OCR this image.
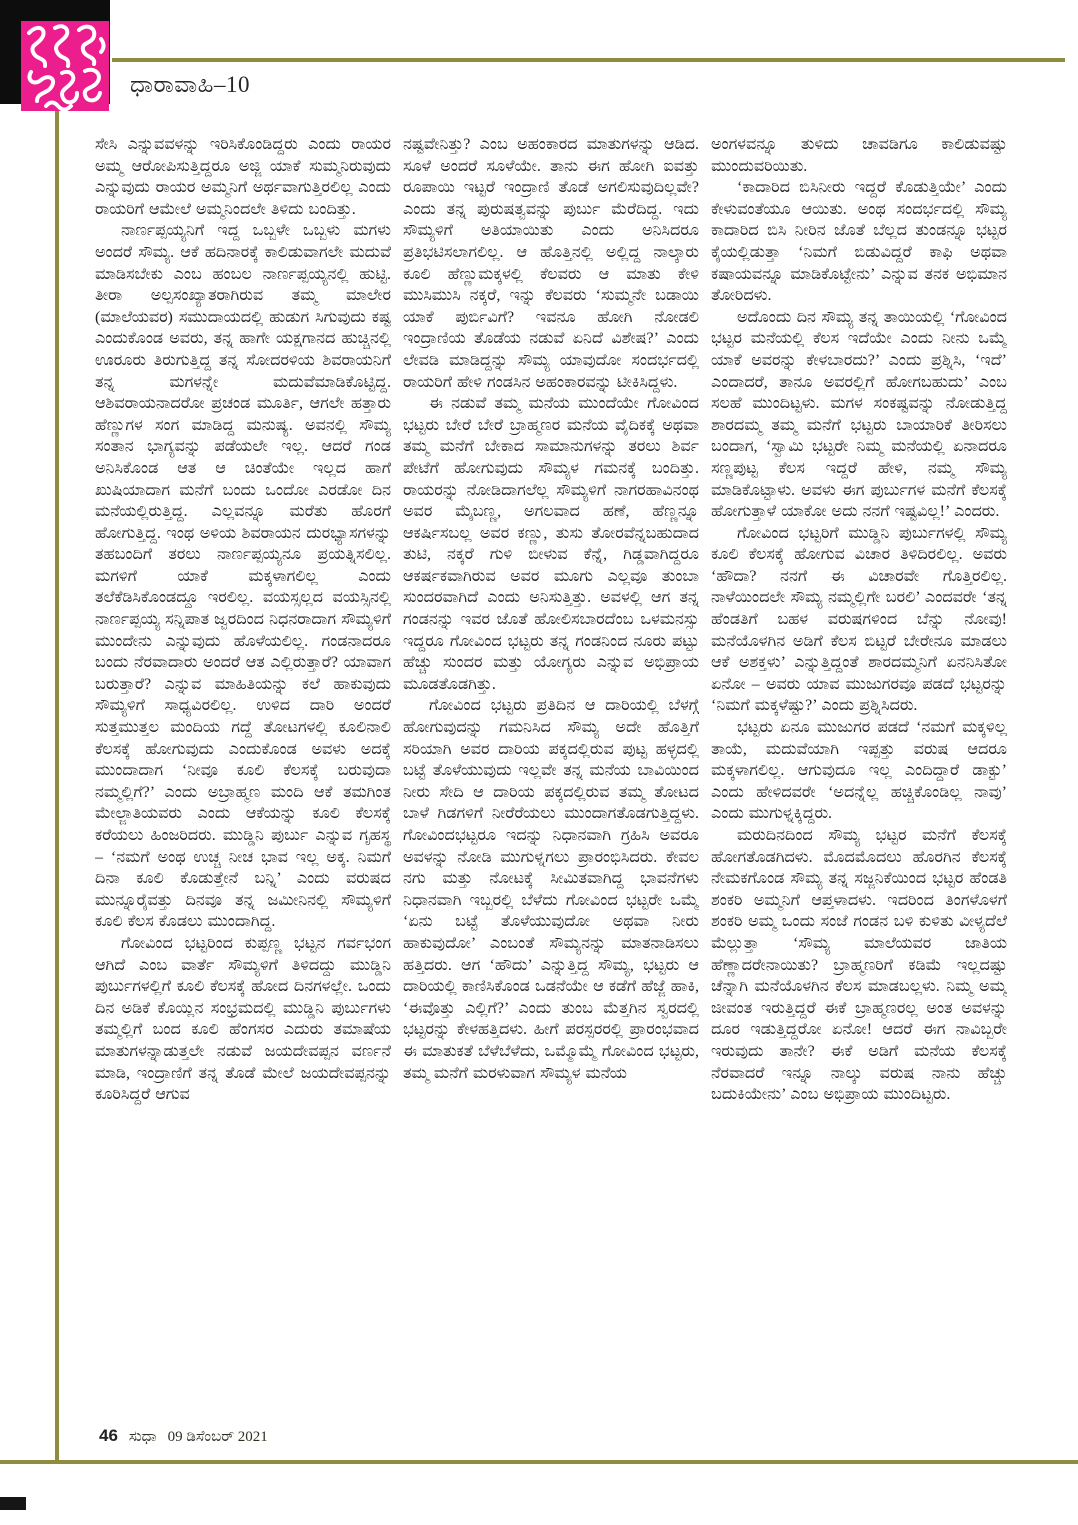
ಧಾರಾವಾಹಿ–10

ಸೇಸಿ ಎನ್ನುವವಳನ್ನು ಇರಿಸಿಕೊಂಡಿದ್ದರು ಎಂದು ರಾಯರ ಅಮ್ಮ ಆರೋಪಿಸುತ್ತಿದ್ದರೂ ಅಜ್ಜಿ ಯಾಕೆ ಸುಮ್ಮನಿರುವುದು ಎನ್ನುವುದು ರಾಯರ ಅಮ್ಮನಿಗೆ ಅರ್ಥವಾಗುತ್ತಿರಲಿಲ್ಲ ಎಂದು ರಾಯರಿಗೆ ಆಮೇಲೆ ಅಮ್ಮನಿಂದಲೇ ತಿಳಿದು ಬಂದಿತ್ತು.

ನಾರ್ಣಪ್ಪಯ್ಯನಿಗೆ ಇದ್ದ ಒಬ್ಬಳೇ ಒಬ್ಬಳು ಮಗಳು ಅಂದರೆ ಸೌಮ್ಯ. ಆಕೆ ಹದಿನಾರಕ್ಕೆ ಕಾಲಿಡುವಾಗಲೇ ಮದುವೆ ಮಾಡಿಸಬೇಕು ಎಂಬ ಹಂಬಲ ನಾರ್ಣಪ್ಪಯ್ಯನಲ್ಲಿ ಹುಟ್ಟಿ. ತೀರಾ ಅಲ್ಪಸಂಖ್ಯಾತರಾಗಿರುವ ತಮ್ಮ ಮಾಲೇರ (ಮಾಲೆಯವರ) ಸಮುದಾಯದಲ್ಲಿ ಹುಡುಗ ಸಿಗುವುದು ಕಷ್ಟ ಎಂದುಕೊಂಡ ಅವರು, ತನ್ನ ಹಾಗೇ ಯಕ್ಷಗಾನದ ಹುಚ್ಚಿನಲ್ಲಿ ಊರೂರು ತಿರುಗುತ್ತಿದ್ದ ತನ್ನ ಸೋದರಳಿಯ ಶಿವರಾಯನಿಗೆ ತನ್ನ ಮಗಳನ್ನೇ ಮದುವೆಮಾಡಿಕೊಟ್ಟಿದ್ದ. ಆಶಿವರಾಯನಾದರೋ ಪ್ರಚಂಡ ಮೂರ್ತಿ, ಆಗಲೇ ಹತ್ತಾರು ಹೆಣ್ಣುಗಳ ಸಂಗ ಮಾಡಿದ್ದ ಮನುಷ್ಯ. ಅವನಲ್ಲಿ ಸೌಮ್ಯ ಸಂತಾನ ಭಾಗ್ಯವನ್ನು ಪಡೆಯಲೇ ಇಲ್ಲ. ಆದರೆ ಗಂಡ ಅನಿಸಿಕೊಂಡ ಆತ ಆ ಚಿಂತೆಯೇ ಇಲ್ಲದ ಹಾಗೆ ಖುಷಿಯಾದಾಗ ಮನೆಗೆ ಬಂದು ಒಂದೋ ಎರಡೋ ದಿನ ಮನೆಯಲ್ಲಿರುತ್ತಿದ್ದ. ಎಲ್ಲವನ್ನೂ ಮರೆತು ಹೊರಗೆ ಹೋಗುತ್ತಿದ್ದ. ಇಂಥ ಅಳಿಯ ಶಿವರಾಯನ ದುರಭ್ಯಾಸಗಳನ್ನು ತಹಬಂದಿಗೆ ತರಲು ನಾರ್ಣಪ್ಪಯ್ಯನೂ ಪ್ರಯತ್ನಿಸಲಿಲ್ಲ. ಮಗಳಿಗೆ ಯಾಕೆ ಮಕ್ಕಳಾಗಲಿಲ್ಲ ಎಂದು ತಲೆಕೆಡಿಸಿಕೊಂಡದ್ದೂ ಇರಲಿಲ್ಲ. ವಯಸ್ಸಲ್ಲದ ವಯಸ್ಸಿನಲ್ಲಿ ನಾರ್ಣಪ್ಪಯ್ಯ ಸನ್ನಿಪಾತ ಜ್ವರದಿಂದ ನಿಧನರಾದಾಗ ಸೌಮ್ಯಳಿಗೆ ಮುಂದೇನು ಎನ್ನುವುದು ಹೊಳೆಯಲಿಲ್ಲ. ಗಂಡನಾದರೂ ಬಂದು ನೆರವಾದಾರು ಅಂದರೆ ಆತ ಎಲ್ಲಿರುತ್ತಾರೆ? ಯಾವಾಗ ಬರುತ್ತಾರೆ? ಎನ್ನುವ ಮಾಹಿತಿಯನ್ನು ಕಲೆ ಹಾಕುವುದು ಸೌಮ್ಯಳಿಗೆ ಸಾಧ್ಯವಿರಲಿಲ್ಲ. ಉಳಿದ ದಾರಿ ಅಂದರೆ ಸುತ್ತಮುತ್ತಲ ಮಂದಿಯ ಗದ್ದೆ ತೋಟಗಳಲ್ಲಿ ಕೂಲಿನಾಲಿ ಕೆಲಸಕ್ಕೆ ಹೋಗುವುದು ಎಂದುಕೊಂಡ ಅವಳು ಅದಕ್ಕೆ ಮುಂದಾದಾಗ ‘ನೀವೂ ಕೂಲಿ ಕೆಲಸಕ್ಕೆ ಬರುವುದಾ ನಮ್ಮಲ್ಲಿಗೆ?’ ಎಂದು ಅಬ್ರಾಹ್ಮಣ ಮಂದಿ ಆಕೆ ತಮಗಿಂತ ಮೇಲ್ಜಾತಿಯವರು ಎಂದು ಆಕೆಯನ್ನು ಕೂಲಿ ಕೆಲಸಕ್ಕೆ ಕರೆಯಲು ಹಿಂಜರಿದರು. ಮುಡ್ಡಿನಿ ಪುರ್ಬು ಎನ್ನುವ ಗೃಹಸ್ಥ – ‘ನಮಗೆ ಅಂಥ ಉಚ್ಚ ನೀಚ ಭಾವ ಇಲ್ಲ ಅಕ್ಕ. ನಿಮಗೆ ದಿನಾ ಕೂಲಿ ಕೊಡುತ್ತೇನೆ ಬನ್ನಿ’ ಎಂದು ವರುಷದ ಮುನ್ನೂರೈವತ್ತು ದಿನವೂ ತನ್ನ ಜಮೀನಿನಲ್ಲಿ ಸೌಮ್ಯಳಿಗೆ ಕೂಲಿ ಕೆಲಸ ಕೊಡಲು ಮುಂದಾಗಿದ್ದ.

ಗೋವಿಂದ ಭಟ್ಟರಿಂದ ಕುಪ್ಪಣ್ಣ ಭಟ್ಟನ ಗರ್ವಭಂಗ ಆಗಿದೆ ಎಂಬ ವಾರ್ತೆ ಸೌಮ್ಯಳಿಗೆ ತಿಳಿದದ್ದು ಮುಡ್ಡಿನಿ ಪುರ್ಬುಗಳಲ್ಲಿಗೆ ಕೂಲಿ ಕೆಲಸಕ್ಕೆ ಹೋದ ದಿನಗಳಲ್ಲೇ. ಒಂದು ದಿನ ಅಡಿಕೆ ಕೊಯ್ಲಿನ ಸಂಭ್ರಮದಲ್ಲಿ ಮುಡ್ಡಿನಿ ಪುರ್ಬುಗಳು ತಮ್ಮಲ್ಲಿಗೆ ಬಂದ ಕೂಲಿ ಹೆಂಗಸರ ಎದುರು ತಮಾಷೆಯ ಮಾತುಗಳನ್ನಾಡುತ್ತಲೇ ನಡುವೆ ಜಯದೇವಪ್ಪನ ವರ್ಣನೆ ಮಾಡಿ, ಇಂದ್ರಾಣಿಗೆ ತನ್ನ ತೊಡೆ ಮೇಲೆ ಜಯದೇವಪ್ಪನನ್ನು ಕೂರಿಸಿದ್ದರೆ ಆಗುವ

ನಷ್ಟವೇನಿತ್ತು? ಎಂಬ ಅಹಂಕಾರದ ಮಾತುಗಳನ್ನು ಆಡಿದ. ಸೂಳೆ ಅಂದರೆ ಸೂಳೆಯೇ. ತಾನು ಈಗ ಹೋಗಿ ಐವತ್ತು ರೂಪಾಯಿ ಇಟ್ಟರೆ ಇಂದ್ರಾಣಿ ತೊಡೆ ಅಗಲಿಸುವುದಿಲ್ಲವೇ? ಎಂದು ತನ್ನ ಪುರುಷತ್ವವನ್ನು ಪುರ್ಬು ಮೆರೆದಿದ್ದ. ಇದು ಸೌಮ್ಯಳಿಗೆ ಅತಿಯಾಯಿತು ಎಂದು ಅನಿಸಿದರೂ ಪ್ರತಿಭಟಿಸಲಾಗಲಿಲ್ಲ. ಆ ಹೊತ್ತಿನಲ್ಲಿ ಅಲ್ಲಿದ್ದ ನಾಲ್ಕಾರು ಕೂಲಿ ಹೆಣ್ಣುಮಕ್ಕಳಲ್ಲಿ ಕೆಲವರು ಆ ಮಾತು ಕೇಳಿ ಮುಸಿಮುಸಿ ನಕ್ಕರೆ, ಇನ್ನು ಕೆಲವರು ‘ಸುಮ್ಮನೇ ಬಡಾಯಿ ಯಾಕೆ ಪುರ್ಬಿವಿಗೆ? ಇವನೂ ಹೋಗಿ ನೋಡಲಿ ಇಂದ್ರಾಣಿಯ ತೊಡೆಯ ನಡುವೆ ಏನಿದೆ ವಿಶೇಷ?’ ಎಂದು ಲೇವಡಿ ಮಾಡಿದ್ದನ್ನು ಸೌಮ್ಯ ಯಾವುದೋ ಸಂದರ್ಭದಲ್ಲಿ ರಾಯರಿಗೆ ಹೇಳಿ ಗಂಡಸಿನ ಅಹಂಕಾರವನ್ನು ಟೀಕಿಸಿದ್ದಳು.

ಈ ನಡುವೆ ತಮ್ಮ ಮನೆಯ ಮುಂದೆಯೇ ಗೋವಿಂದ ಭಟ್ಟರು ಬೇರೆ ಬೇರೆ ಬ್ರಾಹ್ಮಣರ ಮನೆಯ ವೈದಿಕಕ್ಕೆ ಅಥವಾ ತಮ್ಮ ಮನೆಗೆ ಬೇಕಾದ ಸಾಮಾನುಗಳನ್ನು ತರಲು ಶಿರ್ವ ಪೇಟೆಗೆ ಹೋಗುವುದು ಸೌಮ್ಯಳ ಗಮನಕ್ಕೆ ಬಂದಿತ್ತು. ರಾಯರನ್ನು ನೋಡಿದಾಗಲೆಲ್ಲ ಸೌಮ್ಯಳಿಗೆ ನಾಗರಹಾವಿನಂಥ ಅವರ ಮೈಬಣ್ಣ, ಅಗಲವಾದ ಹಣೆ, ಹೆಣ್ಣನ್ನೂ ಆಕರ್ಷಿಸಬಲ್ಲ ಅವರ ಕಣ್ಣು, ತುಸು ತೋರವೆನ್ನಬಹುದಾದ ತುಟಿ, ನಕ್ಕರೆ ಗುಳಿ ಬೀಳುವ ಕೆನ್ನೆ, ಗಿಡ್ಡವಾಗಿದ್ದರೂ ಆಕರ್ಷಕವಾಗಿರುವ ಅವರ ಮೂಗು ಎಲ್ಲವೂ ತುಂಬಾ ಸುಂದರವಾಗಿದೆ ಎಂದು ಅನಿಸುತ್ತಿತ್ತು. ಅವಳಲ್ಲಿ ಆಗ ತನ್ನ ಗಂಡನನ್ನು ಇವರ ಜೊತೆ ಹೋಲಿಸಬಾರದೆಂಬ ಒಳಮನಸ್ಸು ಇದ್ದರೂ ಗೋವಿಂದ ಭಟ್ಟರು ತನ್ನ ಗಂಡನಿಂದ ನೂರು ಪಟ್ಟು ಹೆಚ್ಚು ಸುಂದರ ಮತ್ತು ಯೋಗ್ಯರು ಎನ್ನುವ ಅಭಿಪ್ರಾಯ ಮೂಡತೊಡಗಿತ್ತು.

ಗೋವಿಂದ ಭಟ್ಟರು ಪ್ರತಿದಿನ ಆ ದಾರಿಯಲ್ಲಿ ಬೆಳಗ್ಗೆ ಹೋಗುವುದನ್ನು ಗಮನಿಸಿದ ಸೌಮ್ಯ ಅದೇ ಹೊತ್ತಿಗೆ ಸರಿಯಾಗಿ ಅವರ ದಾರಿಯ ಪಕ್ಕದಲ್ಲಿರುವ ಪುಟ್ಟ ಹಳ್ಳದಲ್ಲಿ ಬಟ್ಟೆ ತೊಳೆಯುವುದು ಇಲ್ಲವೇ ತನ್ನ ಮನೆಯ ಬಾವಿಯಿಂದ ನೀರು ಸೇದಿ ಆ ದಾರಿಯ ಪಕ್ಕದಲ್ಲಿರುವ ತಮ್ಮ ತೋಟದ ಬಾಳೆ ಗಿಡಗಳಿಗೆ ನೀರೆರೆಯಲು ಮುಂದಾಗತೊಡಗುತ್ತಿದ್ದಳು. ಗೋವಿಂದಭಟ್ಟರೂ ಇದನ್ನು ನಿಧಾನವಾಗಿ ಗ್ರಹಿಸಿ ಅವರೂ ಅವಳನ್ನು ನೋಡಿ ಮುಗುಳ್ನಗಲು ಪ್ರಾರಂಭಿಸಿದರು. ಕೇವಲ ನಗು ಮತ್ತು ನೋಟಕ್ಕೆ ಸೀಮಿತವಾಗಿದ್ದ ಭಾವನೆಗಳು ನಿಧಾನವಾಗಿ ಇಬ್ಬರಲ್ಲಿ ಬೆಳೆದು ಗೋವಿಂದ ಭಟ್ಟರೇ ಒಮ್ಮೆ ‘ಏನು ಬಟ್ಟೆ ತೊಳೆಯುವುದೋ ಅಥವಾ ನೀರು ಹಾಕುವುದೋ’ ಎಂಬಂತೆ ಸೌಮ್ಯನನ್ನು ಮಾತನಾಡಿಸಲು ಹತ್ತಿದರು. ಆಗ ‘ಹೌದು’ ಎನ್ನುತ್ತಿದ್ದ ಸೌಮ್ಯ, ಭಟ್ಟರು ಆ ದಾರಿಯಲ್ಲಿ ಕಾಣಿಸಿಕೊಂಡ ಒಡನೆಯೇ ಆ ಕಡೆಗೆ ಹೆಜ್ಜೆ ಹಾಕಿ, ‘ಈವೊತ್ತು ಎಲ್ಲಿಗೆ?’ ಎಂದು ತುಂಬ ಮೆತ್ತಗಿನ ಸ್ವರದಲ್ಲಿ ಭಟ್ಟರನ್ನು ಕೇಳಹತ್ತಿದಳು. ಹೀಗೆ ಪರಸ್ಪರರಲ್ಲಿ ಪ್ರಾರಂಭವಾದ ಈ ಮಾತುಕತೆ ಬೆಳೆಬೆಳೆದು, ಒಮ್ಮೊಮ್ಮೆ ಗೋವಿಂದ ಭಟ್ಟರು, ತಮ್ಮ ಮನೆಗೆ ಮರಳುವಾಗ ಸೌಮ್ಯಳ ಮನೆಯ

ಅಂಗಳವನ್ನೂ ತುಳಿದು ಚಾವಡಿಗೂ ಕಾಲಿಡುವಷ್ಟು ಮುಂದುವರಿಯಿತು.

‘ಕಾದಾರಿದ ಬಿಸಿನೀರು ಇದ್ದರೆ ಕೊಡುತ್ತಿಯೇ’ ಎಂದು ಕೇಳುವಂತೆಯೂ ಆಯಿತು. ಅಂಥ ಸಂದರ್ಭದಲ್ಲಿ ಸೌಮ್ಯ ಕಾದಾರಿದ ಬಿಸಿ ನೀರಿನ ಜೊತೆ ಬೆಲ್ಲದ ತುಂಡನ್ನೂ ಭಟ್ಟರ ಕೈಯಲ್ಲಿಡುತ್ತಾ ‘ನಿಮಗೆ ಬಿಡುವಿದ್ದರೆ ಕಾಫಿ ಅಥವಾ ಕಷಾಯವನ್ನೂ ಮಾಡಿಕೊಟ್ಟೇನು’ ಎನ್ನುವ ತನಕ ಅಭಿಮಾನ ತೋರಿದಳು.

ಅದೊಂದು ದಿನ ಸೌಮ್ಯ ತನ್ನ ತಾಯಿಯಲ್ಲಿ ‘ಗೋವಿಂದ ಭಟ್ಟರ ಮನೆಯಲ್ಲಿ ಕೆಲಸ ಇದೆಯೇ ಎಂದು ನೀನು ಒಮ್ಮೆ ಯಾಕೆ ಅವರನ್ನು ಕೇಳಬಾರದು?’ ಎಂದು ಪ್ರಶ್ನಿಸಿ, ‘ಇದೆ’ ಎಂದಾದರೆ, ತಾನೂ ಅವರಲ್ಲಿಗೆ ಹೋಗಬಹುದು’ ಎಂಬ ಸಲಹೆ ಮುಂದಿಟ್ಟಳು. ಮಗಳ ಸಂಕಷ್ಟವನ್ನು ನೋಡುತ್ತಿದ್ದ ಶಾರದಮ್ಮ ತಮ್ಮ ಮನೆಗೆ ಭಟ್ಟರು ಬಾಯಾರಿಕೆ ತೀರಿಸಲು ಬಂದಾಗ, ‘ಸ್ವಾಮಿ ಭಟ್ಟರೇ ನಿಮ್ಮ ಮನೆಯಲ್ಲಿ ಏನಾದರೂ ಸಣ್ಣಪುಟ್ಟ ಕೆಲಸ ಇದ್ದರೆ ಹೇಳಿ, ನಮ್ಮ ಸೌಮ್ಯ ಮಾಡಿಕೊಟ್ಟಾಳು. ಅವಳು ಈಗ ಪುರ್ಬುಗಳ ಮನೆಗೆ ಕೆಲಸಕ್ಕೆ ಹೋಗುತ್ತಾಳೆ ಯಾಕೋ ಅದು ನನಗೆ ಇಷ್ಟವಿಲ್ಲ!’ ಎಂದರು.

ಗೋವಿಂದ ಭಟ್ಟರಿಗೆ ಮುಡ್ಡಿನಿ ಪುರ್ಬುಗಳಲ್ಲಿ ಸೌಮ್ಯ ಕೂಲಿ ಕೆಲಸಕ್ಕೆ ಹೋಗುವ ವಿಚಾರ ತಿಳಿದಿರಲಿಲ್ಲ. ಅವರು ‘ಹೌದಾ? ನನಗೆ ಈ ವಿಚಾರವೇ ಗೊತ್ತಿರಲಿಲ್ಲ. ನಾಳೆಯಿಂದಲೇ ಸೌಮ್ಯ ನಮ್ಮಲ್ಲಿಗೇ ಬರಲಿ’ ಎಂದವರೇ ‘ತನ್ನ ಹೆಂಡತಿಗೆ ಬಹಳ ವರುಷಗಳಿಂದ ಬೆನ್ನು ನೋವು! ಮನೆಯೊಳಗಿನ ಅಡಿಗೆ ಕೆಲಸ ಬಿಟ್ಟರೆ ಬೇರೇನೂ ಮಾಡಲು ಆಕೆ ಅಶಕ್ತಳು’ ಎನ್ನುತ್ತಿದ್ದಂತೆ ಶಾರದಮ್ಮನಿಗೆ ಏನನಿಸಿತೋ ಏನೋ – ಅವರು ಯಾವ ಮುಜುಗರವೂ ಪಡದೆ ಭಟ್ಟರನ್ನು ‘ನಿಮಗೆ ಮಕ್ಕಳೆಷ್ಟು?’ ಎಂದು ಪ್ರಶ್ನಿಸಿದರು.

ಭಟ್ಟರು ಏನೂ ಮುಜುಗರ ಪಡದೆ ‘ನಮಗೆ ಮಕ್ಕಳಿಲ್ಲ ತಾಯೆ, ಮದುವೆಯಾಗಿ ಇಪ್ಪತ್ತು ವರುಷ ಆದರೂ ಮಕ್ಕಳಾಗಲಿಲ್ಲ. ಆಗುವುದೂ ಇಲ್ಲ ಎಂದಿದ್ದಾರೆ ಡಾಕ್ಟು’ ಎಂದು ಹೇಳಿದವರೇ ‘ಅದನ್ನೆಲ್ಲ ಹಚ್ಚಿಕೊಂಡಿಲ್ಲ ನಾವು’ ಎಂದು ಮುಗುಳ್ನಕ್ಕಿದ್ದರು.

ಮರುದಿನದಿಂದ ಸೌಮ್ಯ ಭಟ್ಟರ ಮನೆಗೆ ಕೆಲಸಕ್ಕೆ ಹೋಗತೊಡಗಿದಳು. ಮೊದಮೊದಲು ಹೊರಗಿನ ಕೆಲಸಕ್ಕೆ ನೇಮಕಗೊಂಡ ಸೌಮ್ಯ ತನ್ನ ಸಜ್ಜನಿಕೆಯಿಂದ ಭಟ್ಟರ ಹೆಂಡತಿ ಶಂಕರಿ ಅಮ್ಮನಿಗೆ ಆಪ್ತಳಾದಳು. ಇದರಿಂದ ತಿಂಗಳೊಳಗೆ ಶಂಕರಿ ಅಮ್ಮ ಒಂದು ಸಂಜೆ ಗಂಡನ ಬಳಿ ಕುಳಿತು ವೀಳ್ಯದೆಲೆ ಮೆಲ್ಲುತ್ತಾ ‘ಸೌಮ್ಯ ಮಾಲೆಯವರ ಜಾತಿಯ ಹೆಣ್ಣಾದರೇನಾಯಿತು? ಬ್ರಾಹ್ಮಣರಿಗೆ ಕಡಿಮೆ ಇಲ್ಲದಷ್ಟು ಚೆನ್ನಾಗಿ ಮನೆಯೊಳಗಿನ ಕೆಲಸ ಮಾಡಬಲ್ಲಳು. ನಿಮ್ಮ ಅಮ್ಮ ಜೀವಂತ ಇರುತ್ತಿದ್ದರೆ ಈಕೆ ಬ್ರಾಹ್ಮಣರಲ್ಲ ಅಂತ ಅವಳನ್ನು ದೂರ ಇಡುತ್ತಿದ್ದರೋ ಏನೋ! ಆದರೆ ಈಗ ನಾವಿಬ್ಬರೇ ಇರುವುದು ತಾನೇ? ಈಕೆ ಅಡಿಗೆ ಮನೆಯ ಕೆಲಸಕ್ಕೆ ನೆರವಾದರೆ ಇನ್ನೂ ನಾಲ್ಕು ವರುಷ ನಾನು ಹೆಚ್ಚು ಬದುಕಿಯೇನು’ ಎಂಬ ಅಭಿಪ್ರಾಯ ಮುಂದಿಟ್ಟರು.

46 ಸುಧಾ 09 ಡಿಸೆಂಬರ್ 2021
